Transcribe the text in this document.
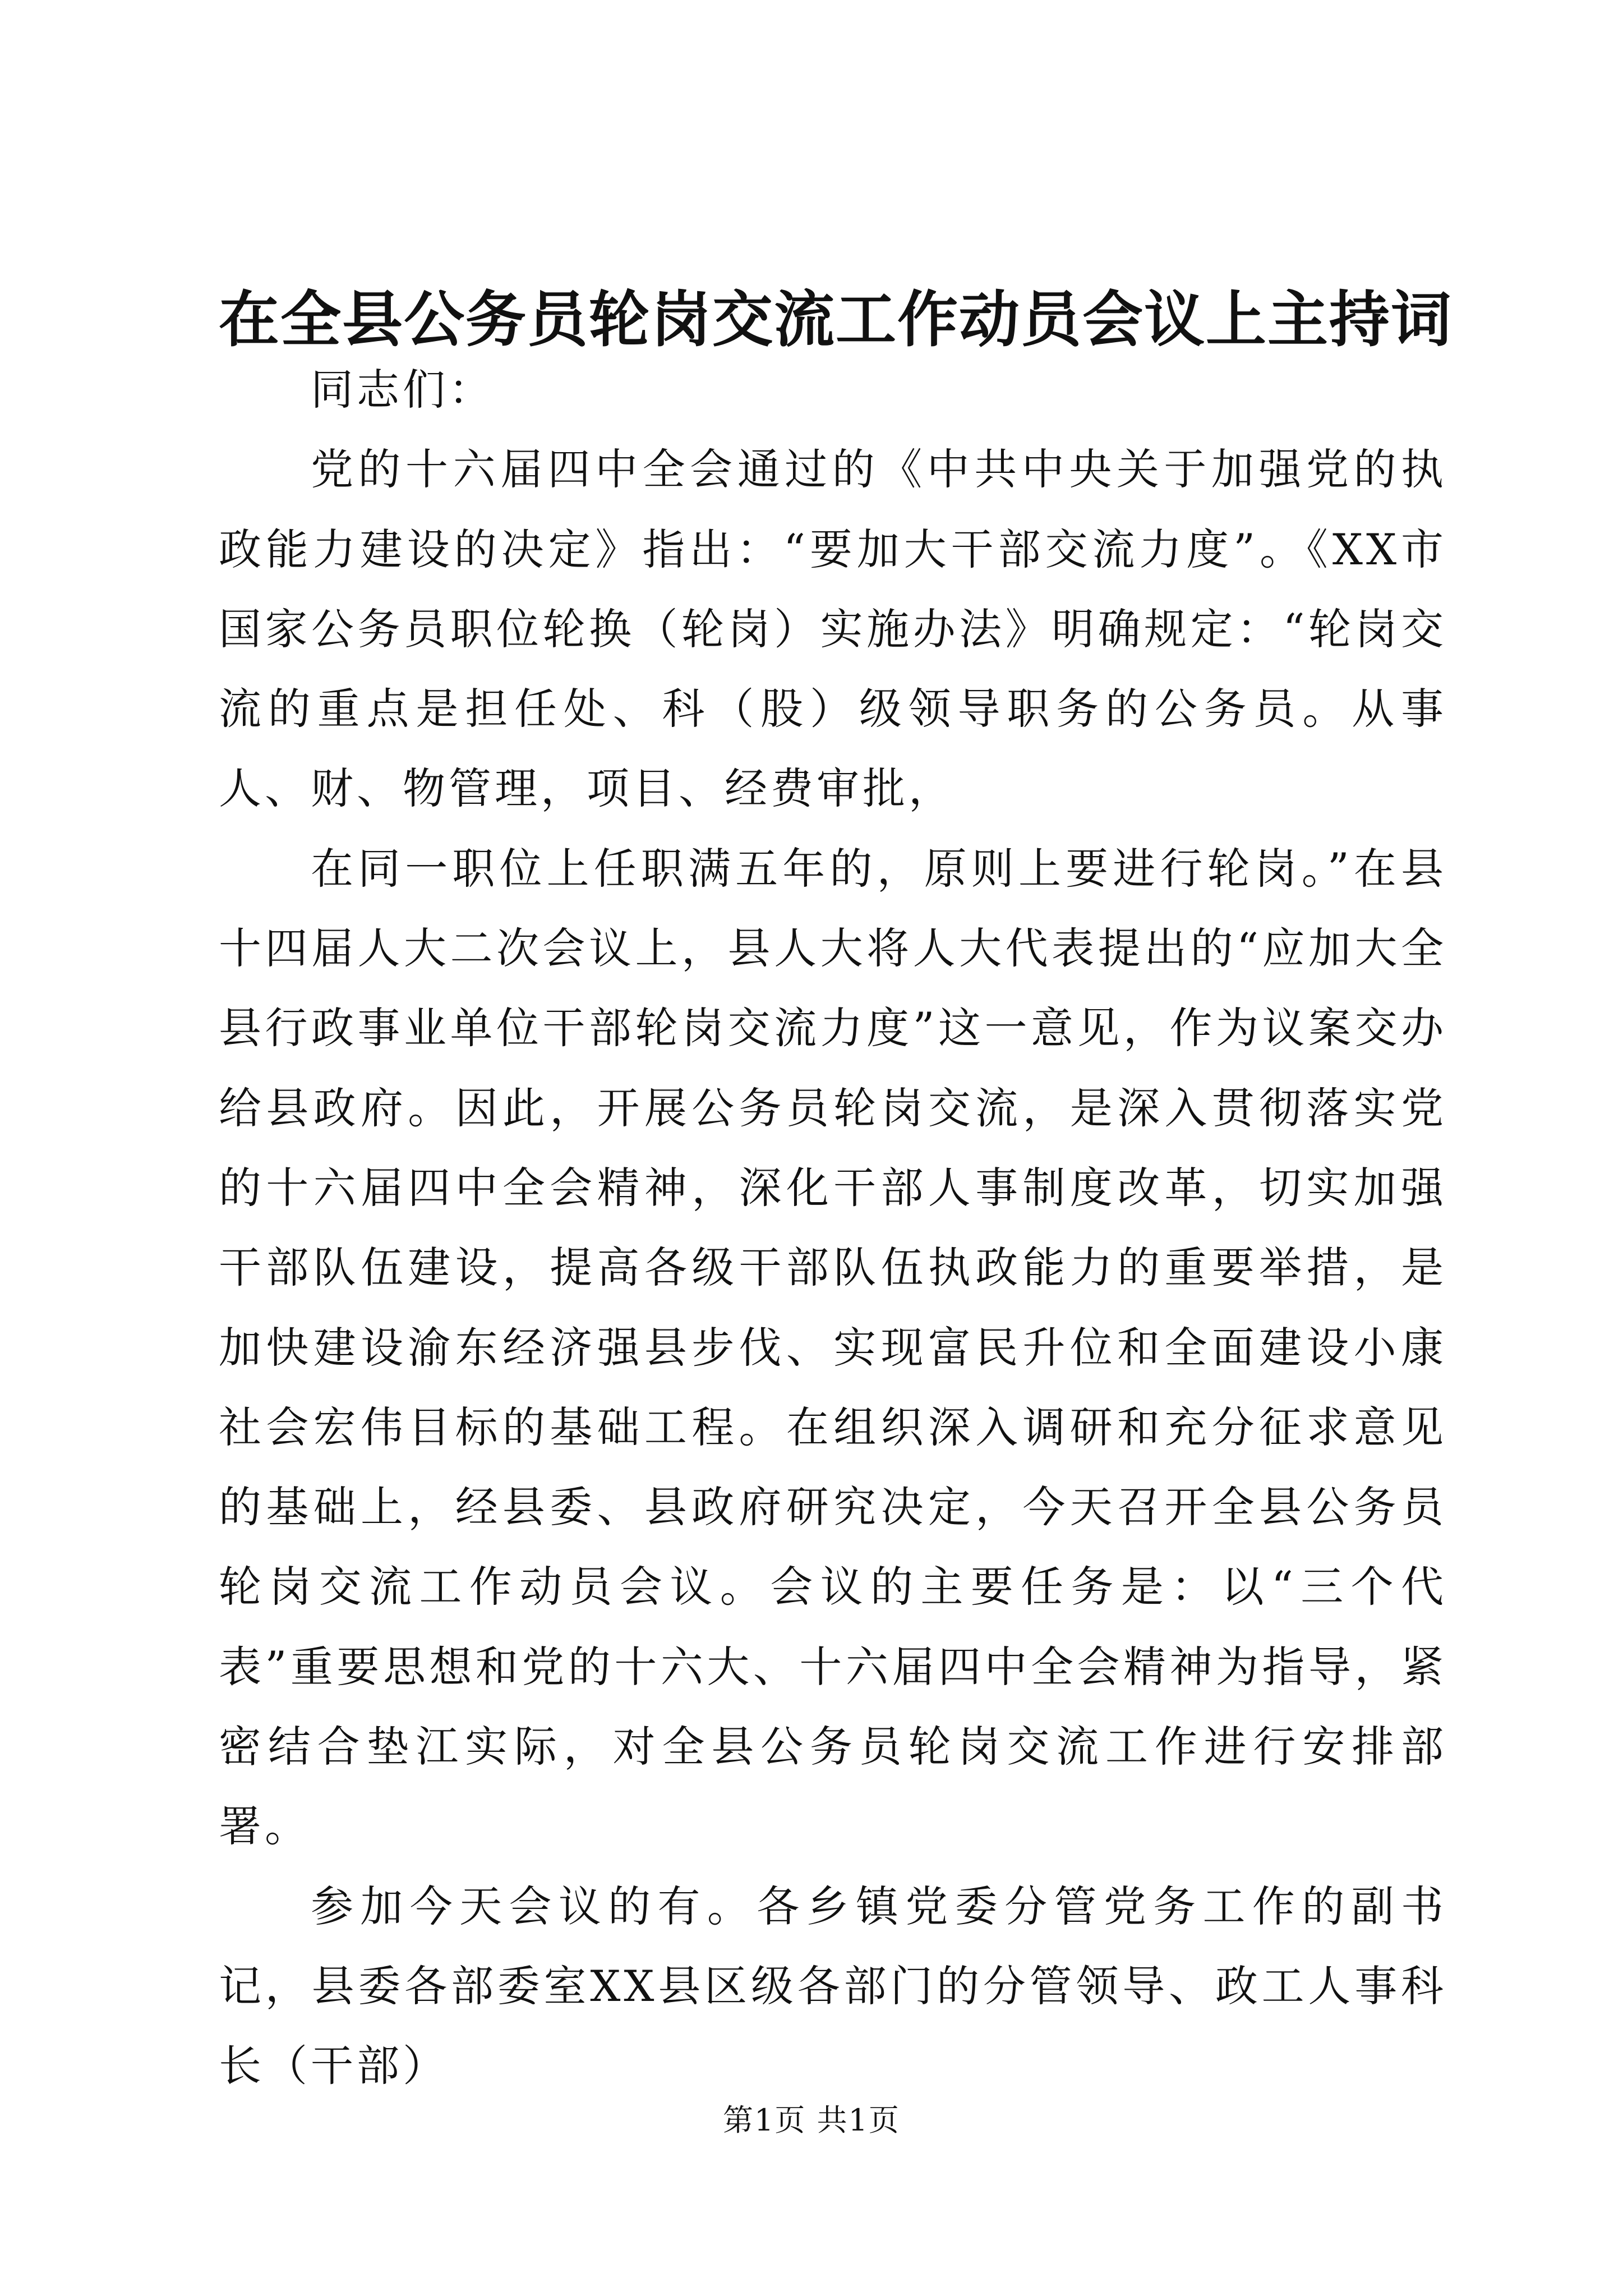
在全县公务员轮岗交流工作动员会议上主持词

同志们：

党的十六届四中全会通过的《中共中央关于加强党的执政能力建设的决定》指出：“要加大干部交流力度”。《XX市国家公务员职位轮换（轮岗）实施办法》明确规定：“轮岗交流的重点是担任处、科（股）级领导职务的公务员。从事人、财、物管理，项目、经费审批，

在同一职位上任职满五年的，原则上要进行轮岗。”在县十四届人大二次会议上，县人大将人大代表提出的“应加大全县行政事业单位干部轮岗交流力度”这一意见，作为议案交办给县政府。因此，开展公务员轮岗交流，是深入贯彻落实党的十六届四中全会精神，深化干部人事制度改革，切实加强干部队伍建设，提高各级干部队伍执政能力的重要举措，是加快建设渝东经济强县步伐、实现富民升位和全面建设小康社会宏伟目标的基础工程。在组织深入调研和充分征求意见的基础上，经县委、县政府研究决定，今天召开全县公务员轮岗交流工作动员会议。会议的主要任务是：以“三个代表”重要思想和党的十六大、十六届四中全会精神为指导，紧密结合垫江实际，对全县公务员轮岗交流工作进行安排部署。

参加今天会议的有。各乡镇党委分管党务工作的副书记，县委各部委室XX县区级各部门的分管领导、政工人事科长（干部）

第1页 共1页
